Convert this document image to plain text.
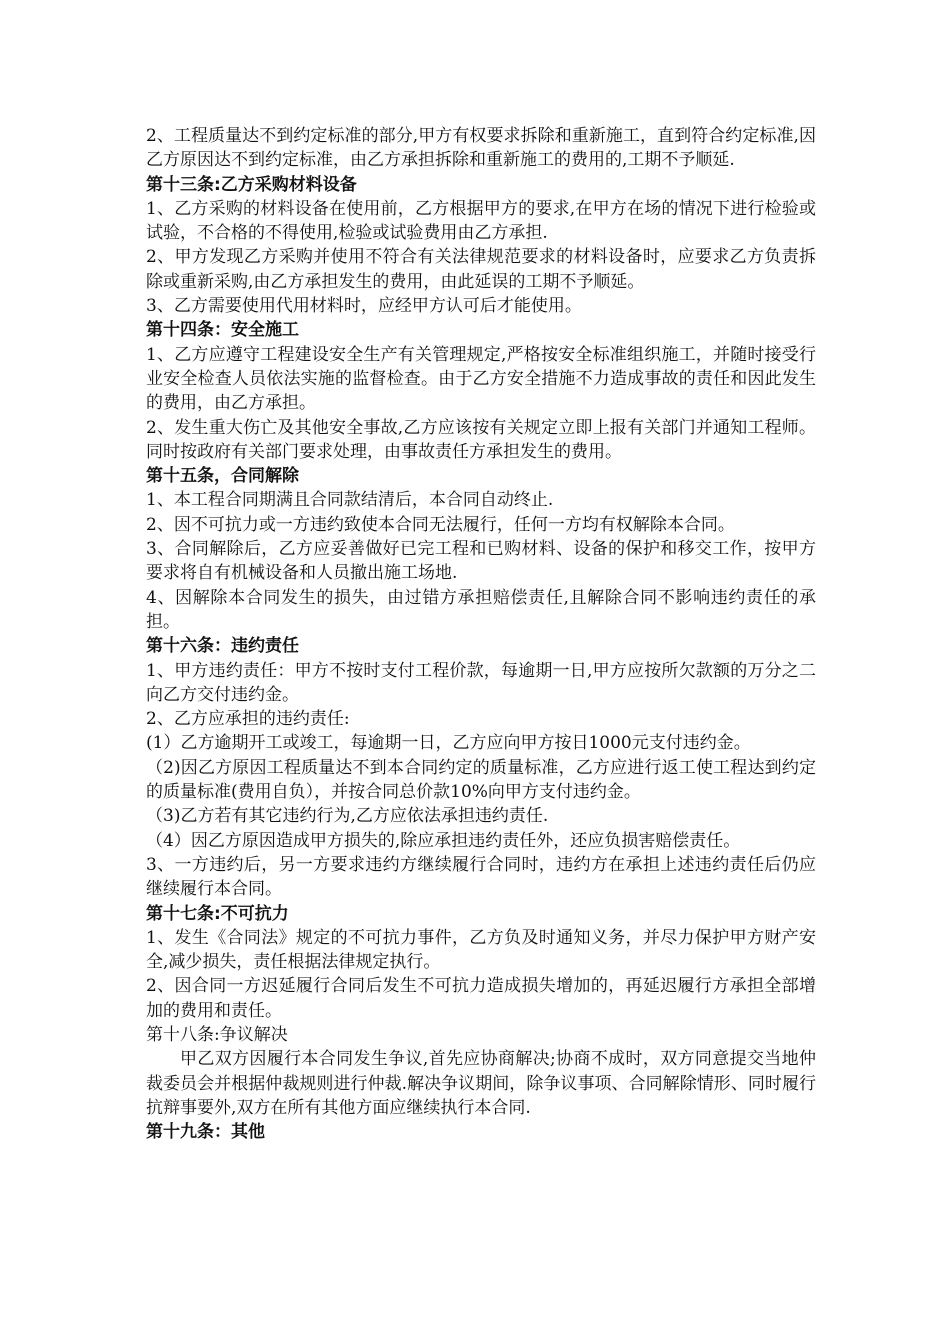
2、工程质量达不到约定标准的部分,甲方有权要求拆除和重新施工，直到符合约定标准,因乙方原因达不到约定标准，由乙方承担拆除和重新施工的费用的,工期不予顺延.

第十三条:乙方采购材料设备

1、乙方采购的材料设备在使用前，乙方根据甲方的要求,在甲方在场的情况下进行检验或试验，不合格的不得使用,检验或试验费用由乙方承担.

2、甲方发现乙方采购并使用不符合有关法律规范要求的材料设备时，应要求乙方负责拆除或重新采购,由乙方承担发生的费用，由此延误的工期不予顺延。

3、乙方需要使用代用材料时，应经甲方认可后才能使用。

第十四条：安全施工

1、乙方应遵守工程建设安全生产有关管理规定,严格按安全标准组织施工，并随时接受行业安全检查人员依法实施的监督检查。由于乙方安全措施不力造成事故的责任和因此发生的费用，由乙方承担。

2、发生重大伤亡及其他安全事故,乙方应该按有关规定立即上报有关部门并通知工程师。同时按政府有关部门要求处理，由事故责任方承担发生的费用。

第十五条，合同解除

1、本工程合同期满且合同款结清后，本合同自动终止.

2、因不可抗力或一方违约致使本合同无法履行，任何一方均有权解除本合同。

3、合同解除后，乙方应妥善做好已完工程和已购材料、设备的保护和移交工作，按甲方要求将自有机械设备和人员撤出施工场地.

4、因解除本合同发生的损失，由过错方承担赔偿责任,且解除合同不影响违约责任的承担。

第十六条：违约责任

1、甲方违约责任：甲方不按时支付工程价款，每逾期一日,甲方应按所欠款额的万分之二向乙方交付违约金。

2、乙方应承担的违约责任:

(1）乙方逾期开工或竣工，每逾期一日，乙方应向甲方按日1000元支付违约金。

（2)因乙方原因工程质量达不到本合同约定的质量标准，乙方应进行返工使工程达到约定的质量标准(费用自负），并按合同总价款10%向甲方支付违约金。

（3)乙方若有其它违约行为,乙方应依法承担违约责任.

（4）因乙方原因造成甲方损失的,除应承担违约责任外，还应负损害赔偿责任。

3、一方违约后，另一方要求违约方继续履行合同时，违约方在承担上述违约责任后仍应继续履行本合同。

第十七条:不可抗力

1、发生《合同法》规定的不可抗力事件，乙方负及时通知义务，并尽力保护甲方财产安全,减少损失，责任根据法律规定执行。

2、因合同一方迟延履行合同后发生不可抗力造成损失增加的，再延迟履行方承担全部增加的费用和责任。

第十八条:争议解决

甲乙双方因履行本合同发生争议,首先应协商解决;协商不成时，双方同意提交当地仲裁委员会并根据仲裁规则进行仲裁.解决争议期间，除争议事项、合同解除情形、同时履行抗辩事要外,双方在所有其他方面应继续执行本合同.

第十九条：其他
